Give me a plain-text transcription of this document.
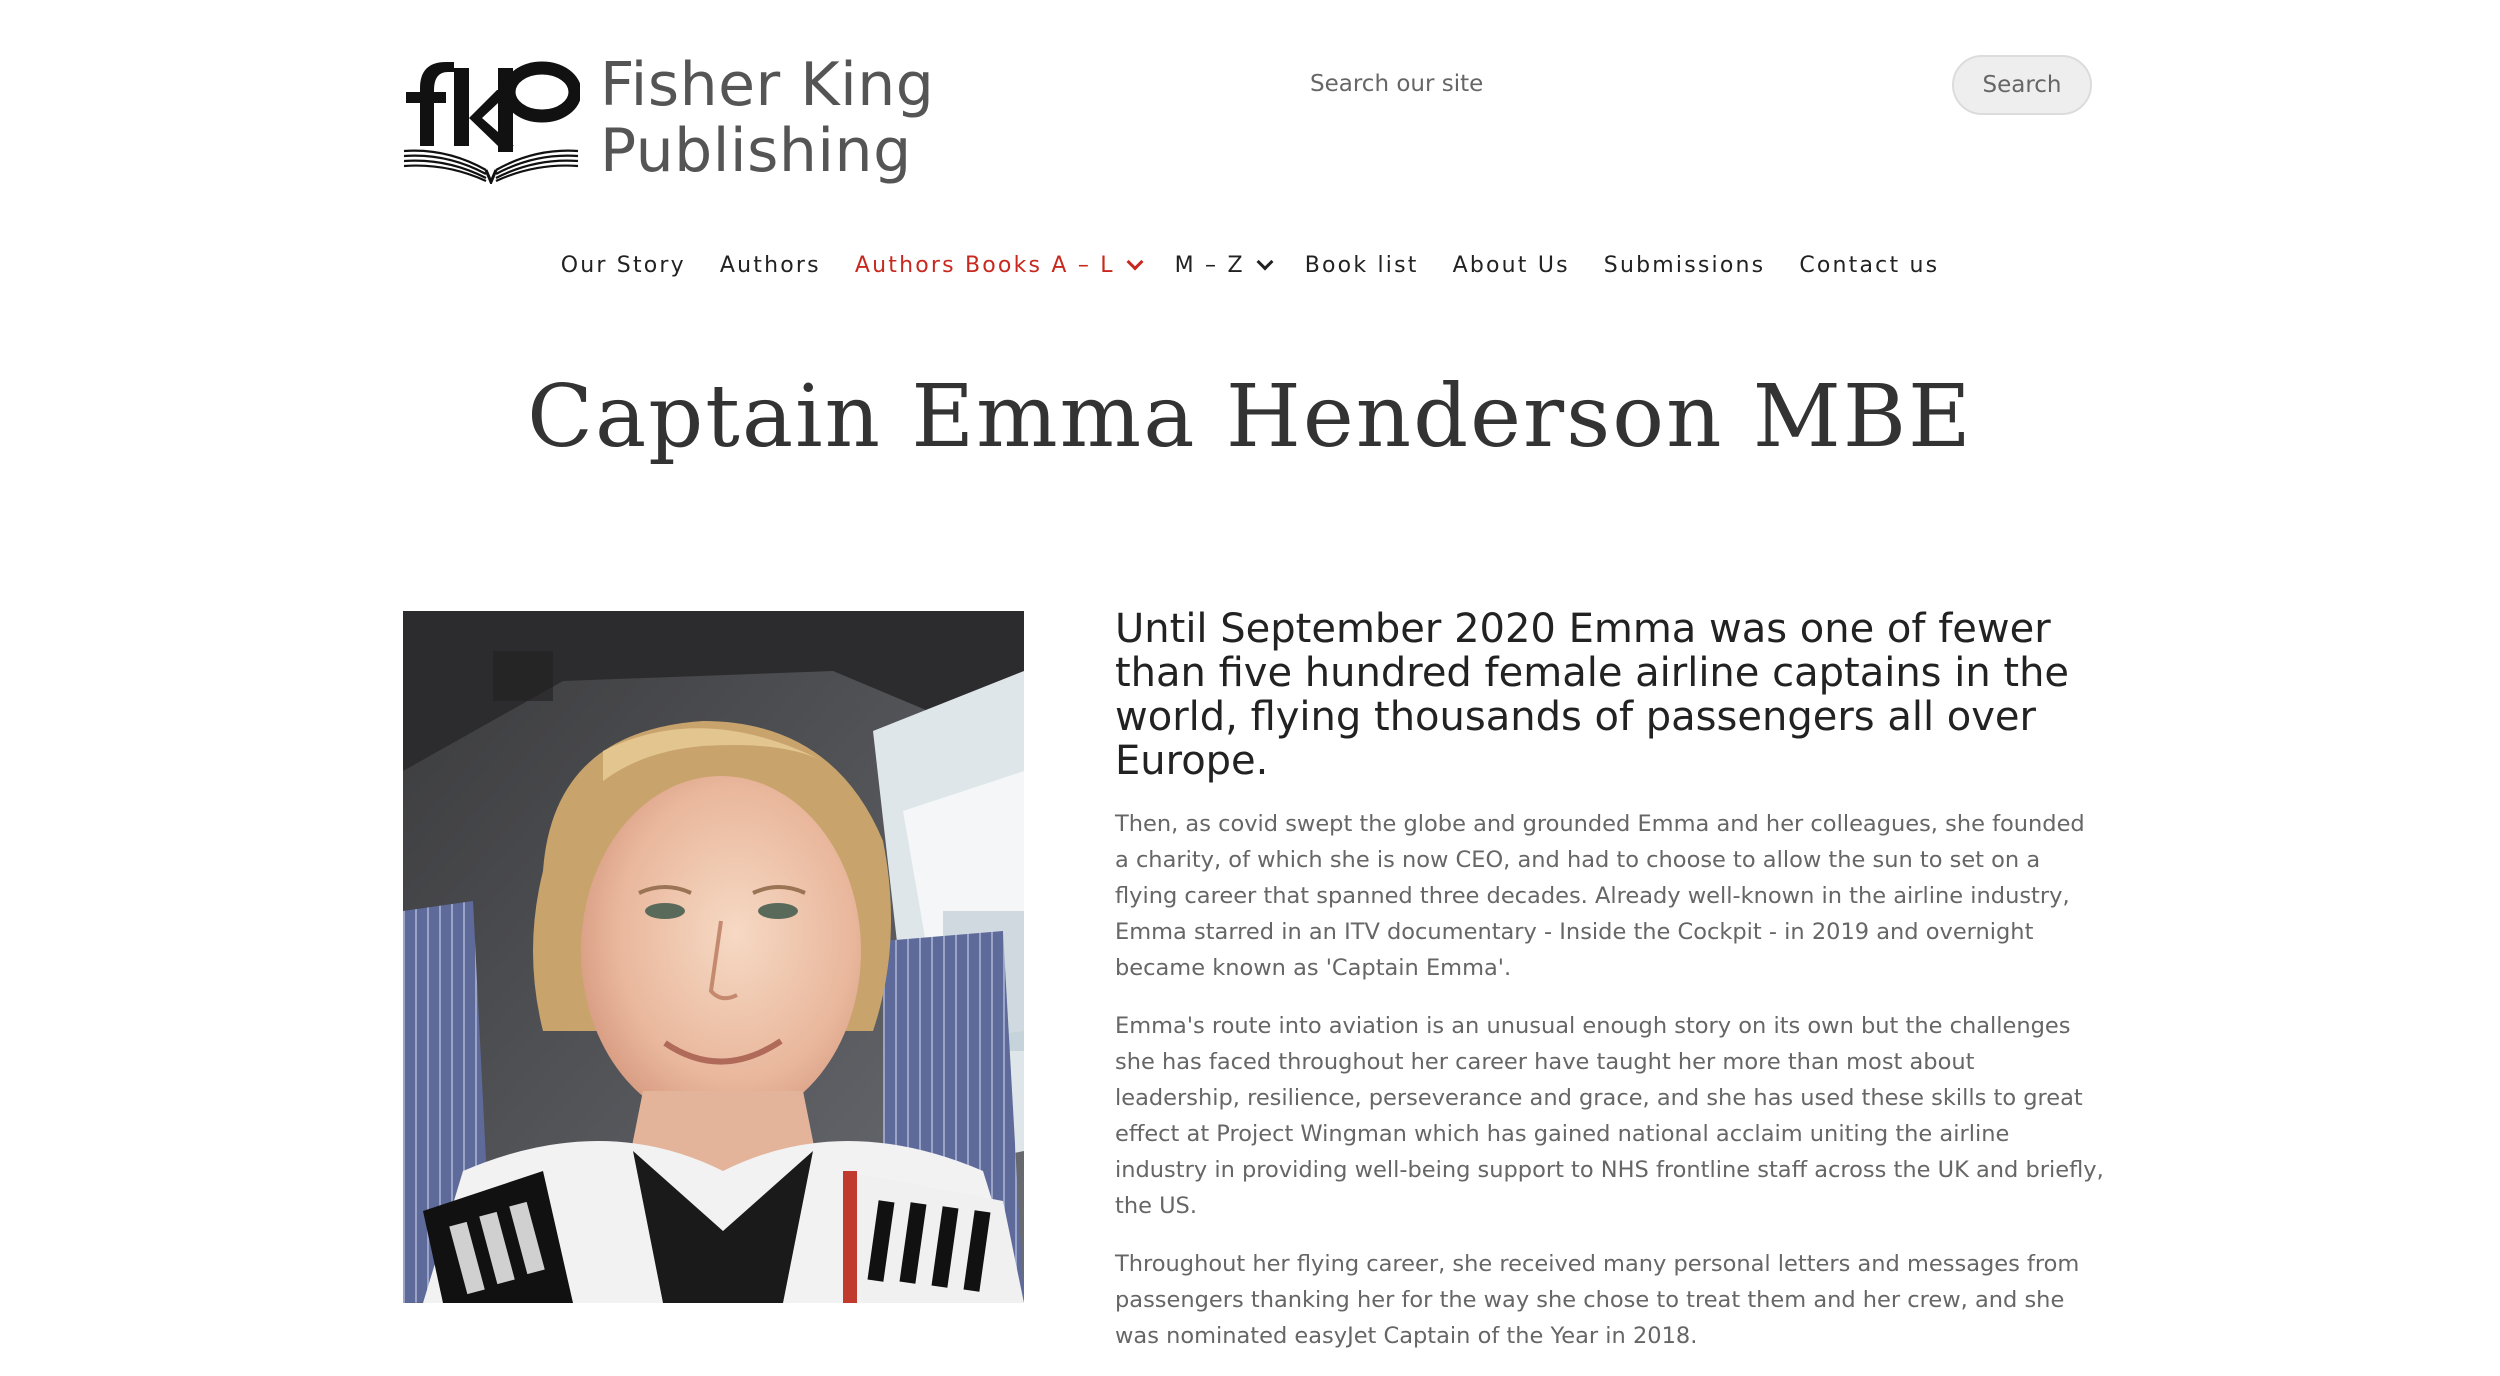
Fisher King
Publishing
Search our site
Search
Our Story Authors Authors Books A – L	M – Z	Book list About Us Submissions Contact us
Captain Emma Henderson MBE
Until September 2020 Emma was one of fewer than five hundred female airline captains in the world, flying thousands of passengers all over Europe.

Then, as covid swept the globe and grounded Emma and her colleagues, she founded a charity, of which she is now CEO, and had to choose to allow the sun to set on a flying career that spanned three decades. Already well-known in the airline industry, Emma starred in an ITV documentary - Inside the Cockpit - in 2019 and overnight became known as 'Captain Emma'.

Emma's route into aviation is an unusual enough story on its own but the challenges she has faced throughout her career have taught her more than most about leadership, resilience, perseverance and grace, and she has used these skills to great effect at Project Wingman which has gained national acclaim uniting the airline industry in providing well-being support to NHS frontline staff across the UK and briefly, the US.

Throughout her flying career, she received many personal letters and messages from passengers thanking her for the way she chose to treat them and her crew, and she was nominated easyJet Captain of the Year in 2018.
